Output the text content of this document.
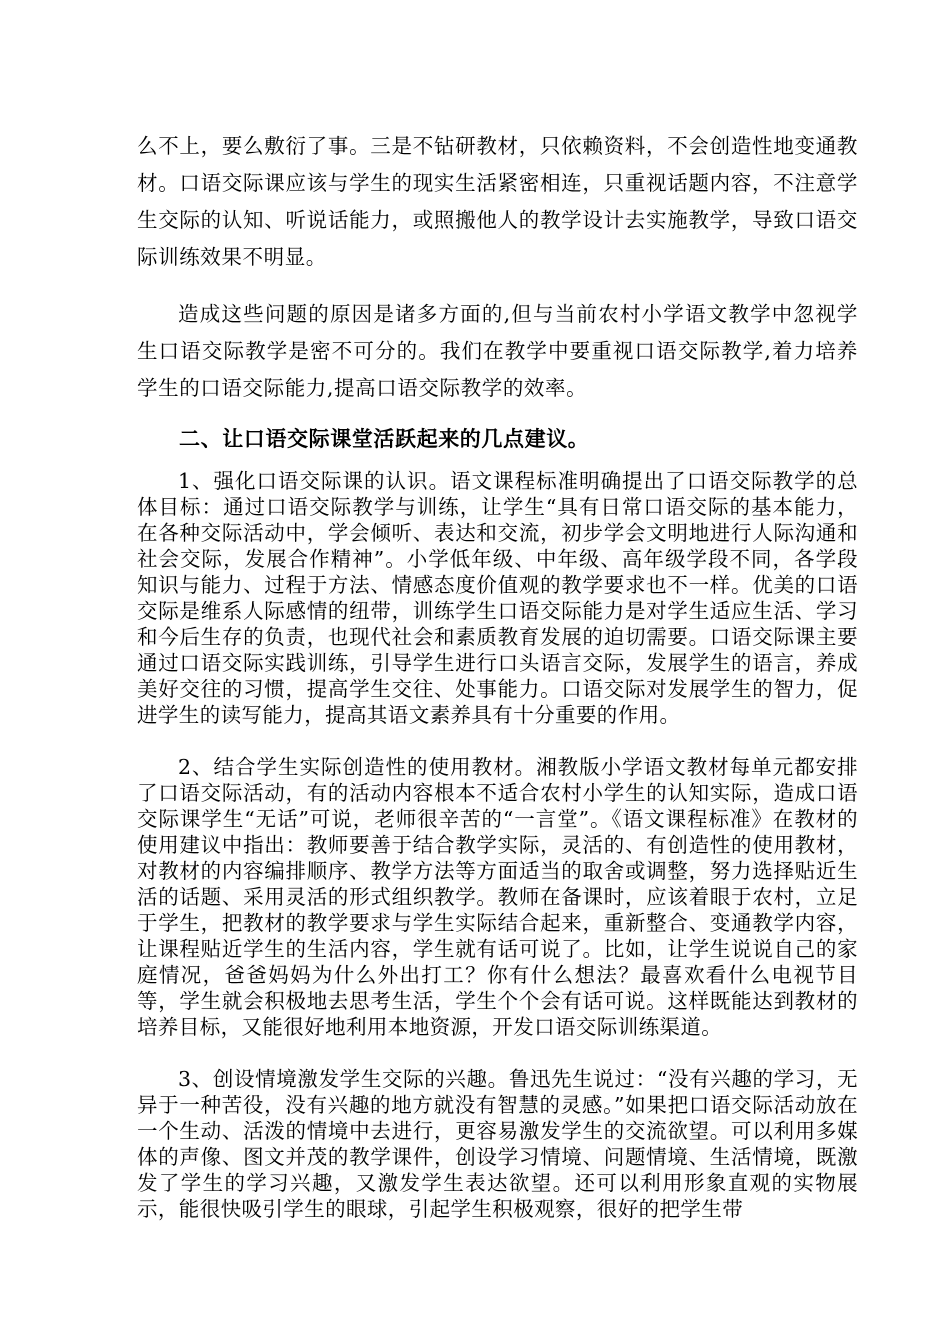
么不上，要么敷衍了事。三是不钻研教材，只依赖资料，不会创造性地变通教材。口语交际课应该与学生的现实生活紧密相连，只重视话题内容，不注意学生交际的认知、听说话能力，或照搬他人的教学设计去实施教学，导致口语交际训练效果不明显。

造成这些问题的原因是诸多方面的,但与当前农村小学语文教学中忽视学生口语交际教学是密不可分的。我们在教学中要重视口语交际教学,着力培养学生的口语交际能力,提高口语交际教学的效率。

二、让口语交际课堂活跃起来的几点建议。

1、强化口语交际课的认识。语文课程标准明确提出了口语交际教学的总体目标：通过口语交际教学与训练，让学生“具有日常口语交际的基本能力，在各种交际活动中，学会倾听、表达和交流，初步学会文明地进行人际沟通和社会交际，发展合作精神”。小学低年级、中年级、高年级学段不同，各学段知识与能力、过程于方法、情感态度价值观的教学要求也不一样。优美的口语交际是维系人际感情的纽带，训练学生口语交际能力是对学生适应生活、学习和今后生存的负责，也现代社会和素质教育发展的迫切需要。口语交际课主要通过口语交际实践训练，引导学生进行口头语言交际，发展学生的语言，养成美好交往的习惯，提高学生交往、处事能力。口语交际对发展学生的智力，促进学生的读写能力，提高其语文素养具有十分重要的作用。

2、结合学生实际创造性的使用教材。湘教版小学语文教材每单元都安排了口语交际活动，有的活动内容根本不适合农村小学生的认知实际，造成口语交际课学生“无话”可说，老师很辛苦的“一言堂”。《语文课程标准》在教材的使用建议中指出：教师要善于结合教学实际，灵活的、有创造性的使用教材，对教材的内容编排顺序、教学方法等方面适当的取舍或调整，努力选择贴近生活的话题、采用灵活的形式组织教学。教师在备课时，应该着眼于农村，立足于学生，把教材的教学要求与学生实际结合起来，重新整合、变通教学内容，让课程贴近学生的生活内容，学生就有话可说了。比如，让学生说说自己的家庭情况，爸爸妈妈为什么外出打工？你有什么想法？最喜欢看什么电视节目等，学生就会积极地去思考生活，学生个个会有话可说。这样既能达到教材的培养目标，又能很好地利用本地资源，开发口语交际训练渠道。

3、创设情境激发学生交际的兴趣。鲁迅先生说过：“没有兴趣的学习，无异于一种苦役，没有兴趣的地方就没有智慧的灵感。”如果把口语交际活动放在一个生动、活泼的情境中去进行，更容易激发学生的交流欲望。可以利用多媒体的声像、图文并茂的教学课件，创设学习情境、问题情境、生活情境，既激发了学生的学习兴趣，又激发学生表达欲望。还可以利用形象直观的实物展示，能很快吸引学生的眼球，引起学生积极观察，很好的把学生带
